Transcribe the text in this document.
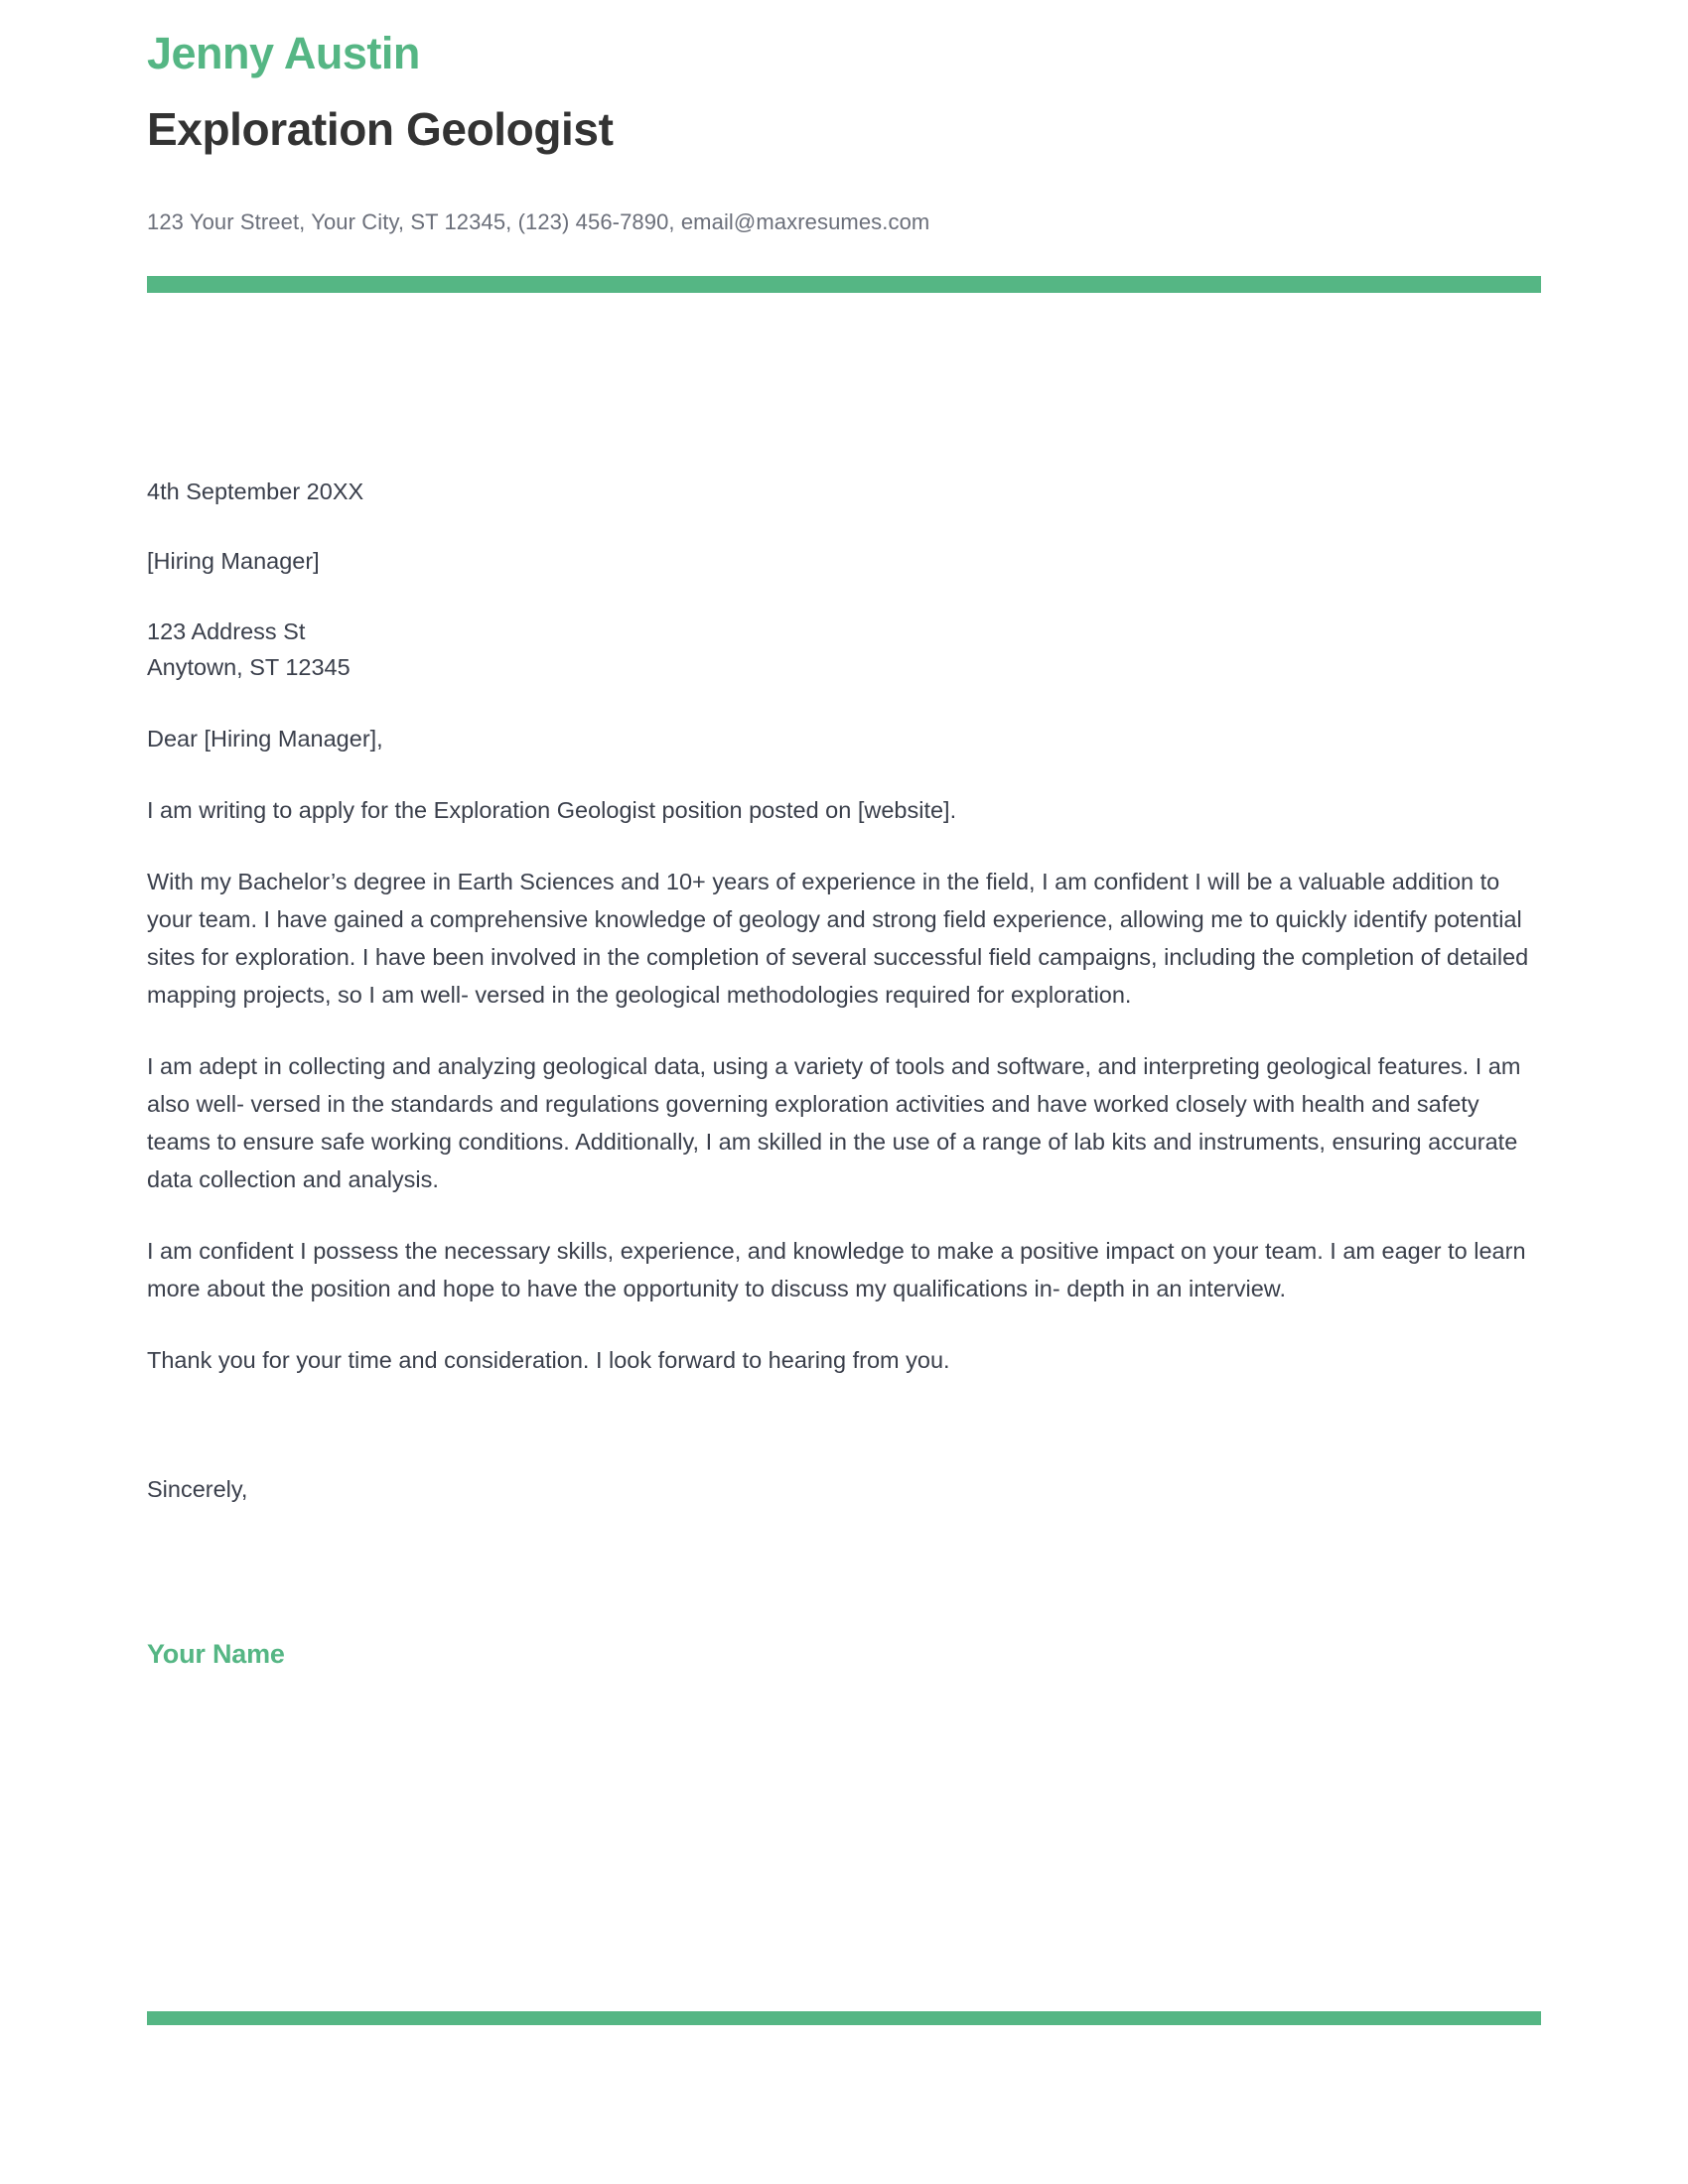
Jenny Austin
Exploration Geologist

123 Your Street, Your City, ST 12345, (123) 456-7890, email@maxresumes.com

4th September 20XX
[Hiring Manager]
123 Address St
Anytown, ST 12345

Dear [Hiring Manager],

I am writing to apply for the Exploration Geologist position posted on [website].

With my Bachelor’s degree in Earth Sciences and 10+ years of experience in the field, I am confident I will be a valuable addition to your team. I have gained a comprehensive knowledge of geology and strong field experience, allowing me to quickly identify potential sites for exploration. I have been involved in the completion of several successful field campaigns, including the completion of detailed mapping projects, so I am well- versed in the geological methodologies required for exploration.

I am adept in collecting and analyzing geological data, using a variety of tools and software, and interpreting geological features. I am also well- versed in the standards and regulations governing exploration activities and have worked closely with health and safety teams to ensure safe working conditions. Additionally, I am skilled in the use of a range of lab kits and instruments, ensuring accurate data collection and analysis.

I am confident I possess the necessary skills, experience, and knowledge to make a positive impact on your team. I am eager to learn more about the position and hope to have the opportunity to discuss my qualifications in- depth in an interview.

Thank you for your time and consideration. I look forward to hearing from you.

Sincerely,

Your Name
